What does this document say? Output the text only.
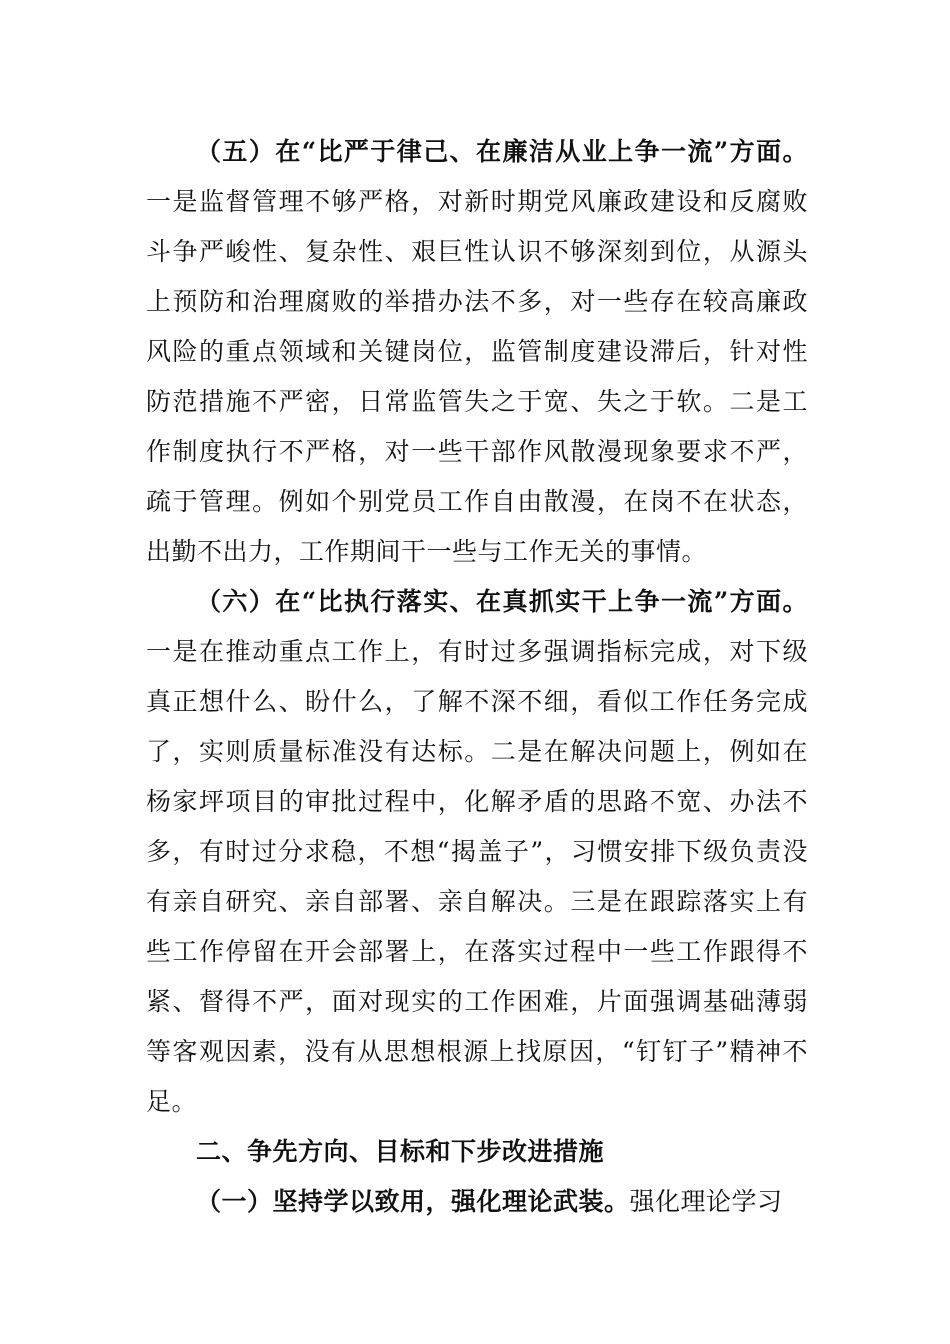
（五）在“比严于律己、在廉洁从业上争一流”方面。一是监督管理不够严格，对新时期党风廉政建设和反腐败斗争严峻性、复杂性、艰巨性认识不够深刻到位，从源头上预防和治理腐败的举措办法不多，对一些存在较高廉政风险的重点领域和关键岗位，监管制度建设滞后，针对性防范措施不严密，日常监管失之于宽、失之于软。二是工作制度执行不严格，对一些干部作风散漫现象要求不严，疏于管理。例如个别党员工作自由散漫，在岗不在状态，出勤不出力，工作期间干一些与工作无关的事情。

（六）在“比执行落实、在真抓实干上争一流”方面。一是在推动重点工作上，有时过多强调指标完成，对下级真正想什么、盼什么，了解不深不细，看似工作任务完成了，实则质量标准没有达标。二是在解决问题上，例如在杨家坪项目的审批过程中，化解矛盾的思路不宽、办法不多，有时过分求稳，不想“揭盖子”，习惯安排下级负责没有亲自研究、亲自部署、亲自解决。三是在跟踪落实上有些工作停留在开会部署上，在落实过程中一些工作跟得不紧、督得不严，面对现实的工作困难，片面强调基础薄弱等客观因素，没有从思想根源上找原因，“钉钉子”精神不足。

二、争先方向、目标和下步改进措施

（一）坚持学以致用，强化理论武装。强化理论学习
